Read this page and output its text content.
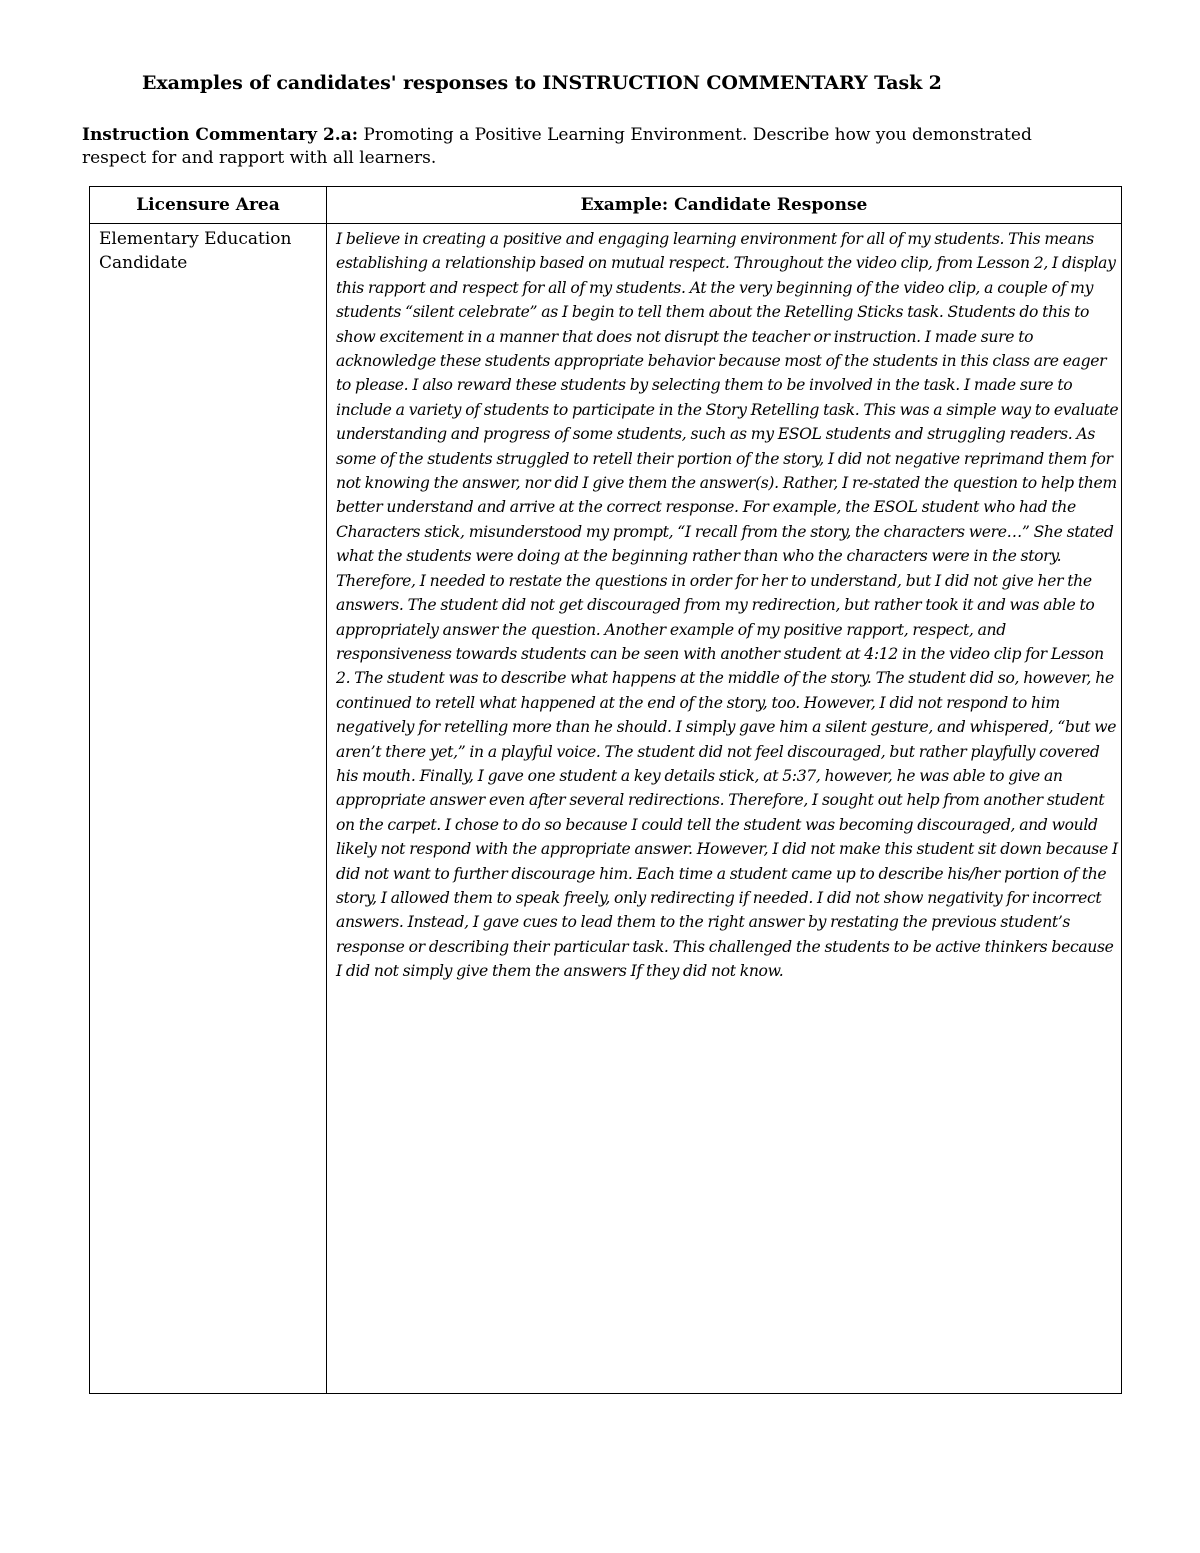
Examples of candidates' responses to INSTRUCTION COMMENTARY Task 2
Instruction Commentary 2.a: Promoting a Positive Learning Environment. Describe how you demonstrated respect for and rapport with all learners.
Licensure Area	Example: Candidate Response
Elementary Education Candidate	I believe in creating a positive and engaging learning environment for all of my students. This means establishing a relationship based on mutual respect. Throughout the video clip, from Lesson 2, I display this rapport and respect for all of my students. At the very beginning of the video clip, a couple of my students “silent celebrate” as I begin to tell them about the Retelling Sticks task. Students do this to show excitement in a manner that does not disrupt the teacher or instruction. I made sure to acknowledge these students appropriate behavior because most of the students in this class are eager to please. I also reward these students by selecting them to be involved in the task. I made sure to include a variety of students to participate in the Story Retelling task. This was a simple way to evaluate understanding and progress of some students, such as my ESOL students and struggling readers. As some of the students struggled to retell their portion of the story, I did not negative reprimand them for not knowing the answer, nor did I give them the answer(s). Rather, I re-stated the question to help them better understand and arrive at the correct response. For example, the ESOL student who had the Characters stick, misunderstood my prompt, “I recall from the story, the characters were…” She stated what the students were doing at the beginning rather than who the characters were in the story. Therefore, I needed to restate the questions in order for her to understand, but I did not give her the answers. The student did not get discouraged from my redirection, but rather took it and was able to appropriately answer the question. Another example of my positive rapport, respect, and responsiveness towards students can be seen with another student at 4:12 in the video clip for Lesson 2. The student was to describe what happens at the middle of the story. The student did so, however, he continued to retell what happened at the end of the story, too. However, I did not respond to him negatively for retelling more than he should. I simply gave him a silent gesture, and whispered, “but we aren’t there yet,” in a playful voice. The student did not feel discouraged, but rather playfully covered his mouth. Finally, I gave one student a key details stick, at 5:37, however, he was able to give an appropriate answer even after several redirections. Therefore, I sought out help from another student on the carpet. I chose to do so because I could tell the student was becoming discouraged, and would likely not respond with the appropriate answer. However, I did not make this student sit down because I did not want to further discourage him. Each time a student came up to describe his/her portion of the story, I allowed them to speak freely, only redirecting if needed. I did not show negativity for incorrect answers. Instead, I gave cues to lead them to the right answer by restating the previous student’s response or describing their particular task. This challenged the students to be active thinkers because I did not simply give them the answers If they did not know.
